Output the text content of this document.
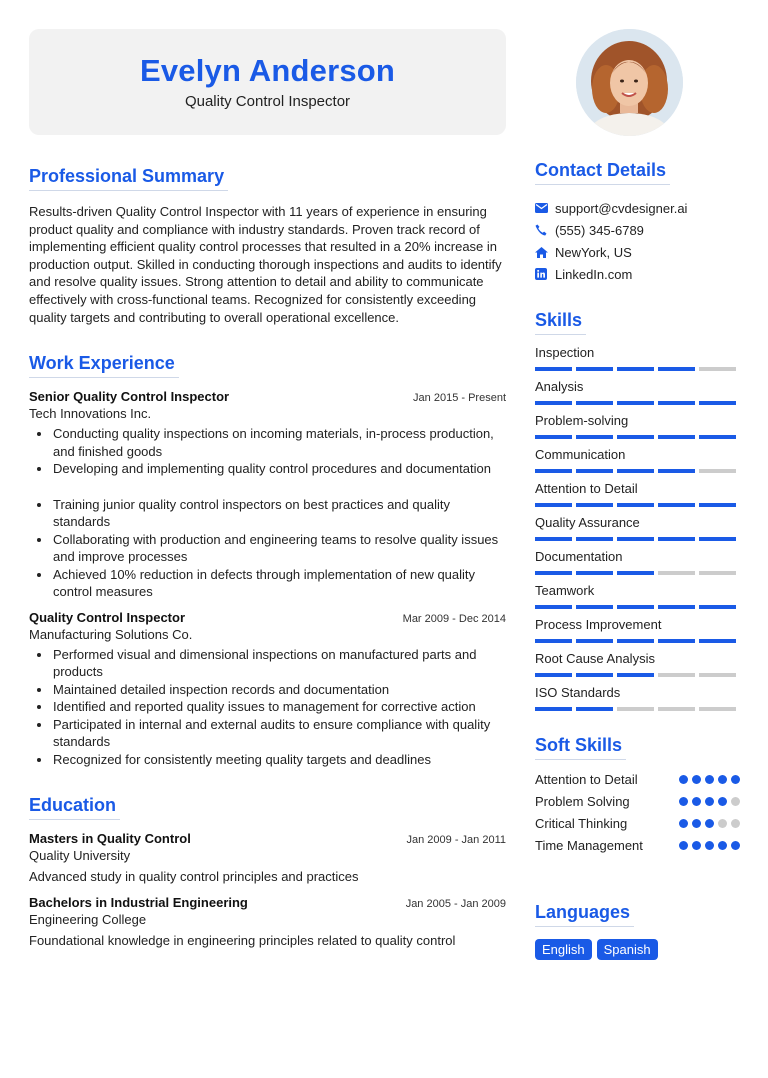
Evelyn Anderson
Quality Control Inspector
Professional Summary

Results-driven Quality Control Inspector with 11 years of experience in ensuring product quality and compliance with industry standards. Proven track record of implementing efficient quality control processes that resulted in a 20% increase in production output. Skilled in conducting thorough inspections and audits to identify and resolve quality issues. Strong attention to detail and ability to communicate effectively with cross-functional teams. Recognized for consistently exceeding quality targets and contributing to overall operational excellence.

Work Experience
Senior Quality Control Inspector	Jan 2015 - Present
Tech Innovations Inc.
Conducting quality inspections on incoming materials, in-process production, and finished goods
Developing and implementing quality control procedures and documentation
Training junior quality control inspectors on best practices and quality standards
Collaborating with production and engineering teams to resolve quality issues and improve processes
Achieved 10% reduction in defects through implementation of new quality control measures
Quality Control Inspector	Mar 2009 - Dec 2014
Manufacturing Solutions Co.
Performed visual and dimensional inspections on manufactured parts and products
Maintained detailed inspection records and documentation
Identified and reported quality issues to management for corrective action
Participated in internal and external audits to ensure compliance with quality standards
Recognized for consistently meeting quality targets and deadlines
Education
Masters in Quality Control	Jan 2009 - Jan 2011
Quality University
Advanced study in quality control principles and practices
Bachelors in Industrial Engineering	Jan 2005 - Jan 2009
Engineering College
Foundational knowledge in engineering principles related to quality control
Contact Details
support@cvdesigner.ai
(555) 345-6789
NewYork, US
LinkedIn.com
Skills
Inspection
Analysis
Problem-solving
Communication
Attention to Detail
Quality Assurance
Documentation
Teamwork
Process Improvement
Root Cause Analysis
ISO Standards
Soft Skills
Attention to Detail
Problem Solving
Critical Thinking
Time Management
Languages
English	Spanish
